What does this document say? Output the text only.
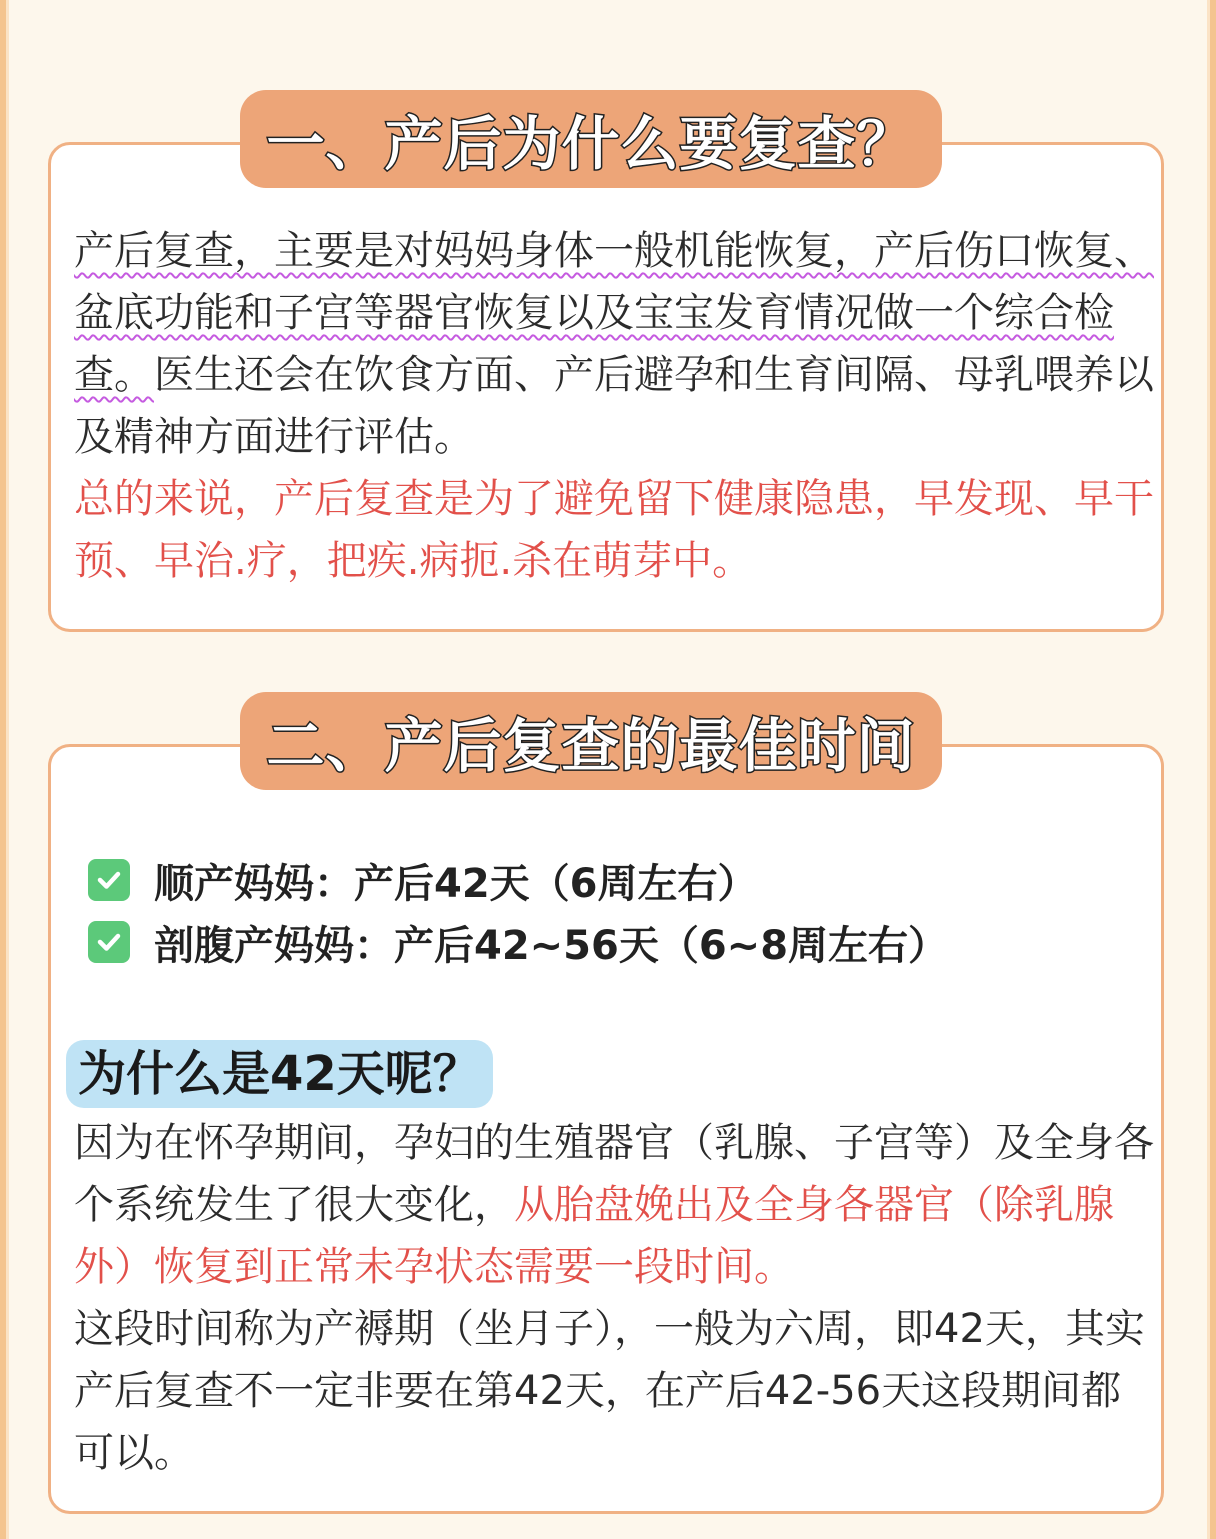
一、产后为什么要复查？
产后复查，主要是对妈妈身体一般机能恢复，产后伤口恢复、盆底功能和子宫等器官恢复以及宝宝发育情况做一个综合检查。医生还会在饮食方面、产后避孕和生育间隔、母乳喂养以及精神方面进行评估。
总的来说，产后复查是为了避免留下健康隐患，早发现、早干预、早治.疗，把疾.病扼.杀在萌芽中。
二、产后复查的最佳时间
顺产妈妈：产后42天（6周左右）
剖腹产妈妈：产后42~56天（6~8周左右）
为什么是42天呢？
因为在怀孕期间，孕妇的生殖器官（乳腺、子宫等）及全身各个系统发生了很大变化，从胎盘娩出及全身各器官（除乳腺外）恢复到正常未孕状态需要一段时间。
这段时间称为产褥期（坐月子），一般为六周，即42天，其实产后复查不一定非要在第42天，在产后42-56天这段期间都可以。
